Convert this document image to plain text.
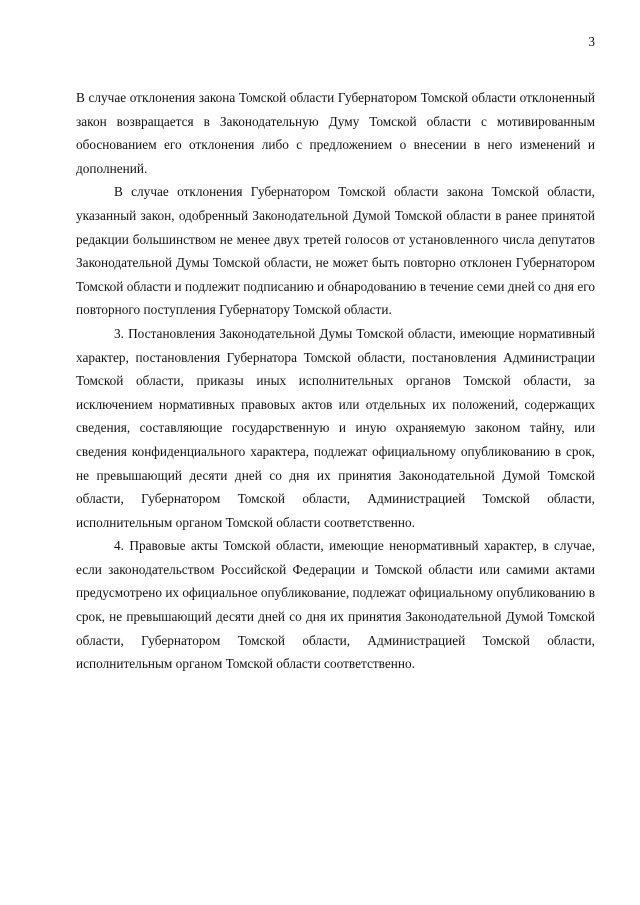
3

В случае отклонения закона Томской области Губернатором Томской области отклоненный закон возвращается в Законодательную Думу Томской области с мотивированным обоснованием его отклонения либо с предложением о внесении в него изменений и дополнений.

В случае отклонения Губернатором Томской области закона Томской области, указанный закон, одобренный Законодательной Думой Томской области в ранее принятой редакции большинством не менее двух третей голосов от установленного числа депутатов Законодательной Думы Томской области, не может быть повторно отклонен Губернатором Томской области и подлежит подписанию и обнародованию в течение семи дней со дня его повторного поступления Губернатору Томской области.

3. Постановления Законодательной Думы Томской области, имеющие нормативный характер, постановления Губернатора Томской области, постановления Администрации Томской области, приказы иных исполнительных органов Томской области, за исключением нормативных правовых актов или отдельных их положений, содержащих сведения, составляющие государственную и иную охраняемую законом тайну, или сведения конфиденциального характера, подлежат официальному опубликованию в срок, не превышающий десяти дней со дня их принятия Законодательной Думой Томской области, Губернатором Томской области, Администрацией Томской области, исполнительным органом Томской области соответственно.

4. Правовые акты Томской области, имеющие ненормативный характер, в случае, если законодательством Российской Федерации и Томской области или самими актами предусмотрено их официальное опубликование, подлежат официальному опубликованию в срок, не превышающий десяти дней со дня их принятия Законодательной Думой Томской области, Губернатором Томской области, Администрацией Томской области, исполнительным органом Томской области соответственно.
